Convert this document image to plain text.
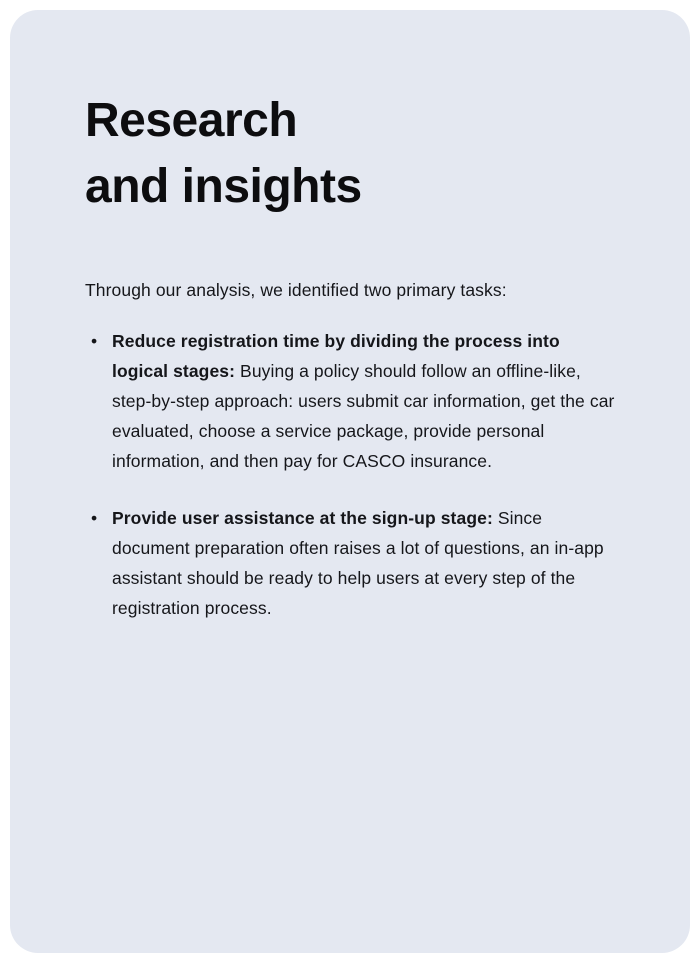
Research
and insights

Through our analysis, we identified two primary tasks:

• Reduce registration time by dividing the process into logical stages: Buying a policy should follow an offline-like, step-by-step approach: users submit car information, get the car evaluated, choose a service package, provide personal information, and then pay for CASCO insurance.
• Provide user assistance at the sign-up stage: Since document preparation often raises a lot of questions, an in-app assistant should be ready to help users at every step of the registration process.
